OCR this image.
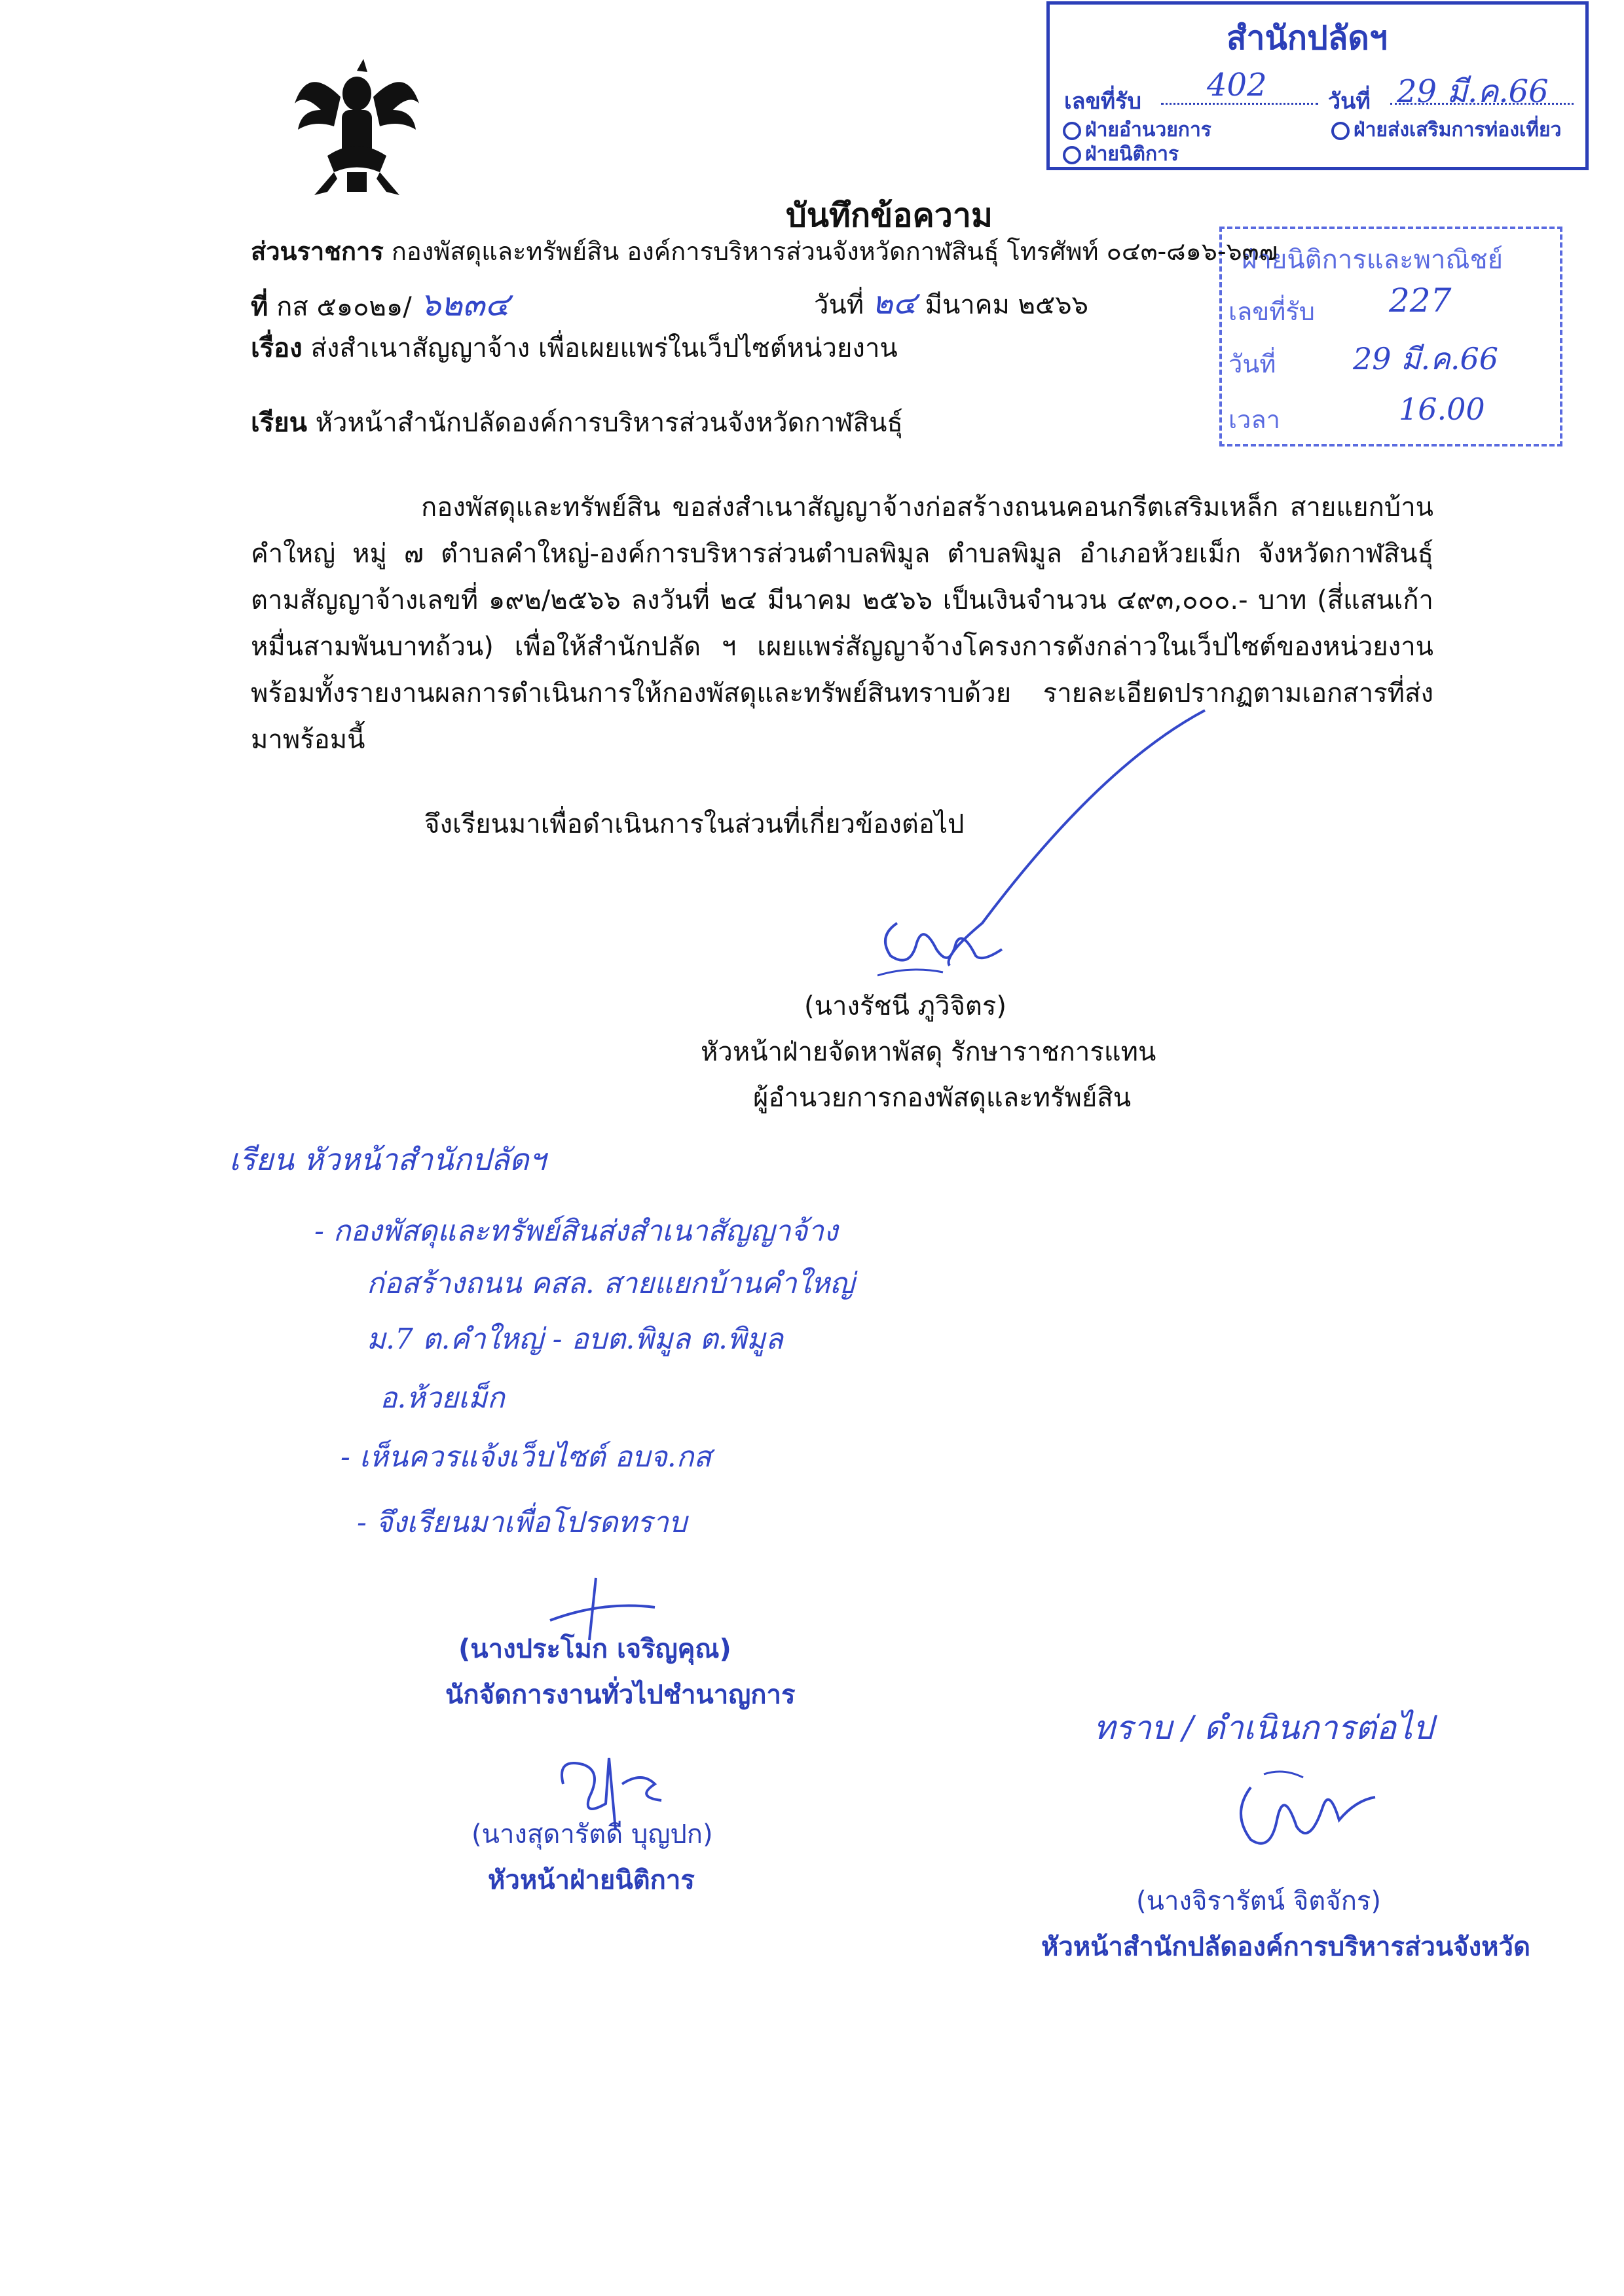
สำนักปลัดฯ
เลขที่รับ 402	วันที่ 29 มี.ค.66
ฝ่ายอำนวยการ	ฝ่ายส่งเสริมการท่องเที่ยว
ฝ่ายนิติการ
ฝ่ายนิติการและพาณิชย์
เลขที่รับ 227
วันที่	29 มี.ค.66
เวลา	16.00
บันทึกข้อความ
ส่วนราชการ กองพัสดุและทรัพย์สิน องค์การบริหารส่วนจังหวัดกาฬสินธุ์ โทรศัพท์ ๐๔๓-๘๑๖-๖๓๗
ที่ กส ๕๑๐๒๑/ ๖๒๓๔	วันที่ ๒๔ มีนาคม ๒๕๖๖
เรื่อง ส่งสำเนาสัญญาจ้าง เพื่อเผยแพร่ในเว็ปไซต์หน่วยงาน
เรียน หัวหน้าสำนักปลัดองค์การบริหารส่วนจังหวัดกาฬสินธุ์
กองพัสดุและทรัพย์สิน ขอส่งสำเนาสัญญาจ้างก่อสร้างถนนคอนกรีตเสริมเหล็ก สายแยกบ้านคำใหญ่ หมู่ ๗ ตำบลคำใหญ่-องค์การบริหารส่วนตำบลพิมูล ตำบลพิมูล อำเภอห้วยเม็ก จังหวัดกาฬสินธุ์ ตามสัญญาจ้างเลขที่ ๑๙๒/๒๕๖๖ ลงวันที่ ๒๔ มีนาคม ๒๕๖๖ เป็นเงินจำนวน ๔๙๓,๐๐๐.- บาท (สี่แสนเก้าหมื่นสามพันบาทถ้วน) เพื่อให้สำนักปลัด ฯ เผยแพร่สัญญาจ้างโครงการดังกล่าวในเว็ปไซต์ของหน่วยงาน พร้อมทั้งรายงานผลการดำเนินการให้กองพัสดุและทรัพย์สินทราบด้วย รายละเอียดปรากฏตามเอกสารที่ส่งมาพร้อมนี้
จึงเรียนมาเพื่อดำเนินการในส่วนที่เกี่ยวข้องต่อไป
(นางรัชนี ภูวิจิตร)
หัวหน้าฝ่ายจัดหาพัสดุ รักษาราชการแทน
ผู้อำนวยการกองพัสดุและทรัพย์สิน
เรียน หัวหน้าสำนักปลัดฯ
- กองพัสดุและทรัพย์สินส่งสำเนาสัญญาจ้าง
ก่อสร้างถนน คสล. สายแยกบ้านคำใหญ่
ม.7 ต.คำใหญ่ - อบต.พิมูล ต.พิมูล
อ.ห้วยเม็ก
- เห็นควรแจ้งเว็บไซต์ อบจ.กส
- จึงเรียนมาเพื่อโปรดทราบ
(นางประโมก เจริญคุณ)
นักจัดการงานทั่วไปชำนาญการ
(นางสุดารัตดี บุญปก)
หัวหน้าฝ่ายนิติการ
ทราบ / ดำเนินการต่อไป
(นางจิรารัตน์ จิตจักร)
หัวหน้าสำนักปลัดองค์การบริหารส่วนจังหวัด
